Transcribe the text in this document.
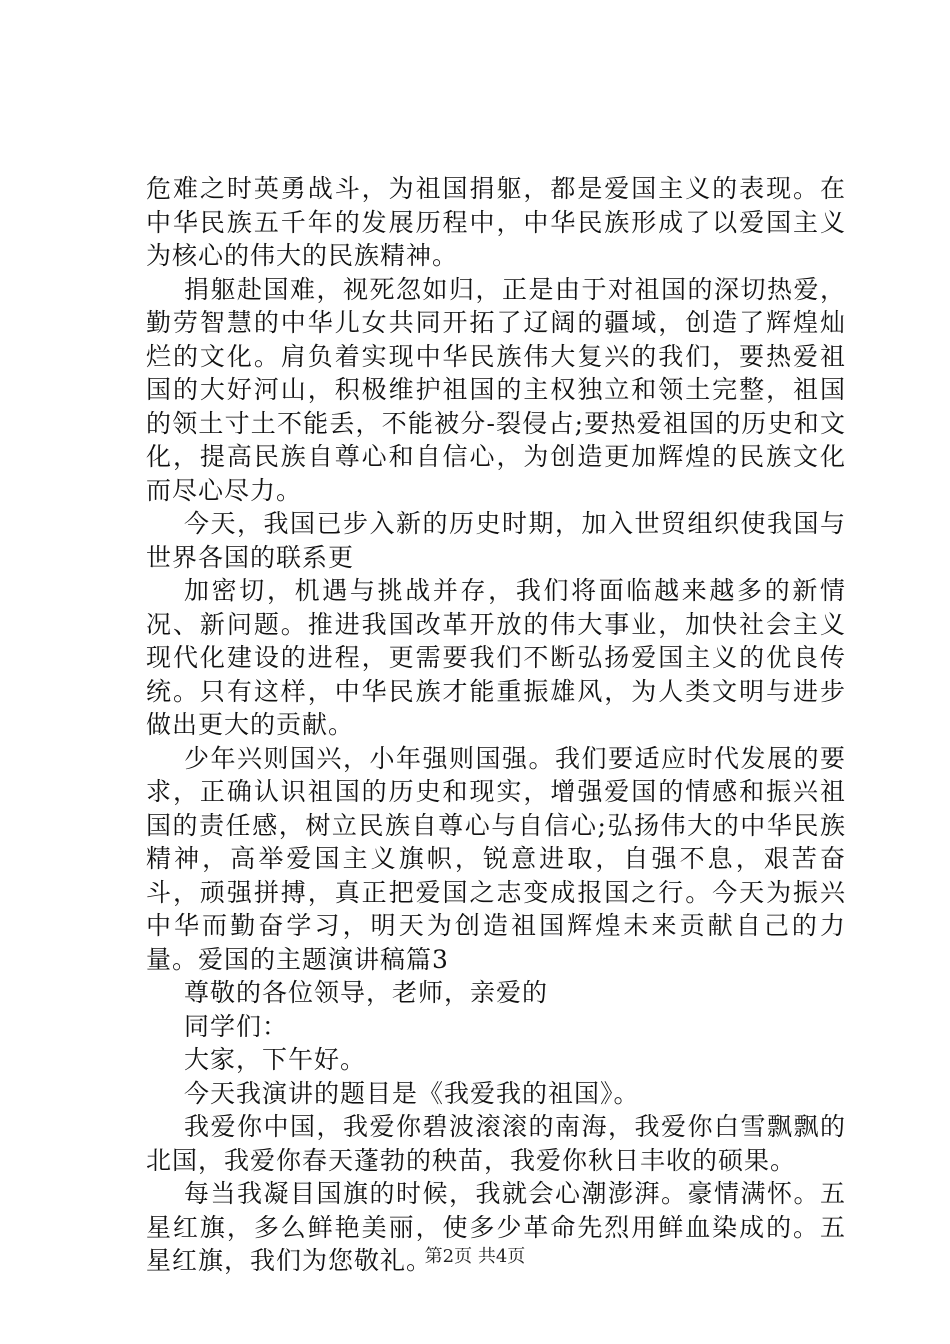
危难之时英勇战斗，为祖国捐躯，都是爱国主义的表现。在中华民族五千年的发展历程中，中华民族形成了以爱国主义为核心的伟大的民族精神。

捐躯赴国难，视死忽如归，正是由于对祖国的深切热爱，勤劳智慧的中华儿女共同开拓了辽阔的疆域，创造了辉煌灿烂的文化。肩负着实现中华民族伟大复兴的我们，要热爱祖国的大好河山，积极维护祖国的主权独立和领土完整，祖国的领土寸土不能丢，不能被分-裂侵占;要热爱祖国的历史和文化，提高民族自尊心和自信心，为创造更加辉煌的民族文化而尽心尽力。

今天，我国已步入新的历史时期，加入世贸组织使我国与世界各国的联系更

加密切，机遇与挑战并存，我们将面临越来越多的新情况、新问题。推进我国改革开放的伟大事业，加快社会主义现代化建设的进程，更需要我们不断弘扬爱国主义的优良传统。只有这样，中华民族才能重振雄风，为人类文明与进步做出更大的贡献。

少年兴则国兴，小年强则国强。我们要适应时代发展的要求，正确认识祖国的历史和现实，增强爱国的情感和振兴祖国的责任感，树立民族自尊心与自信心;弘扬伟大的中华民族精神，高举爱国主义旗帜，锐意进取，自强不息，艰苦奋斗，顽强拼搏，真正把爱国之志变成报国之行。今天为振兴中华而勤奋学习，明天为创造祖国辉煌未来贡献自己的力量。爱国的主题演讲稿篇3

尊敬的各位领导，老师，亲爱的

同学们：

大家，下午好。

今天我演讲的题目是《我爱我的祖国》。

我爱你中国，我爱你碧波滚滚的南海，我爱你白雪飘飘的北国，我爱你春天蓬勃的秧苗，我爱你秋日丰收的硕果。

每当我凝目国旗的时候，我就会心潮澎湃。豪情满怀。五星红旗，多么鲜艳美丽，使多少革命先烈用鲜血染成的。五星红旗，我们为您敬礼。

第2页 共4页
